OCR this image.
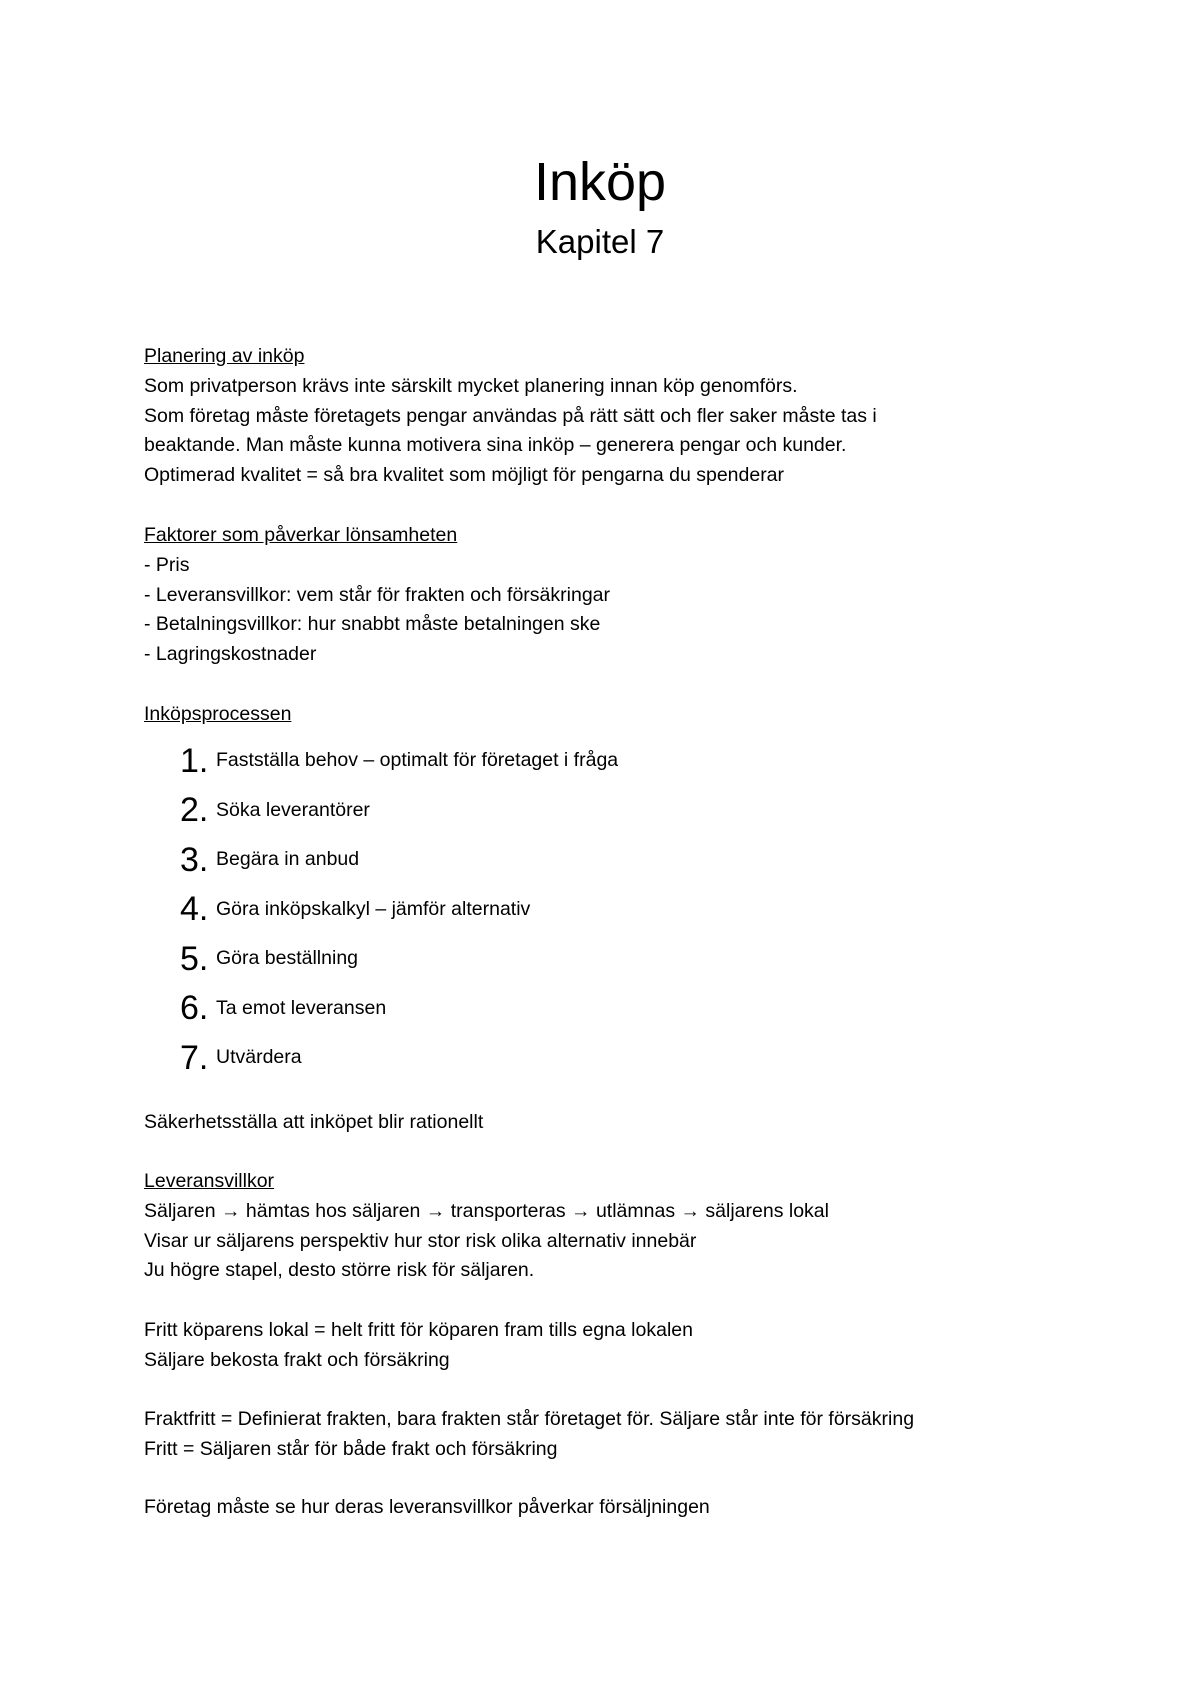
Inköp
Kapitel 7

Planering av inköp

Som privatperson krävs inte särskilt mycket planering innan köp genomförs.

Som företag måste företagets pengar användas på rätt sätt och fler saker måste tas i

beaktande. Man måste kunna motivera sina inköp – generera pengar och kunder.

Optimerad kvalitet = så bra kvalitet som möjligt för pengarna du spenderar

Faktorer som påverkar lönsamheten

- Pris

- Leveransvillkor: vem står för frakten och försäkringar

- Betalningsvillkor: hur snabbt måste betalningen ske

- Lagringskostnader

Inköpsprocessen

1. Fastställa behov – optimalt för företaget i fråga
2. Söka leverantörer
3. Begära in anbud
4. Göra inköpskalkyl – jämför alternativ
5. Göra beställning
6. Ta emot leveransen
7. Utvärdera

Säkerhetsställa att inköpet blir rationellt

Leveransvillkor

Säljaren → hämtas hos säljaren → transporteras → utlämnas → säljarens lokal

Visar ur säljarens perspektiv hur stor risk olika alternativ innebär

Ju högre stapel, desto större risk för säljaren.

Fritt köparens lokal = helt fritt för köparen fram tills egna lokalen

Säljare bekosta frakt och försäkring

Fraktfritt = Definierat frakten, bara frakten står företaget för. Säljare står inte för försäkring

Fritt = Säljaren står för både frakt och försäkring

Företag måste se hur deras leveransvillkor påverkar försäljningen
